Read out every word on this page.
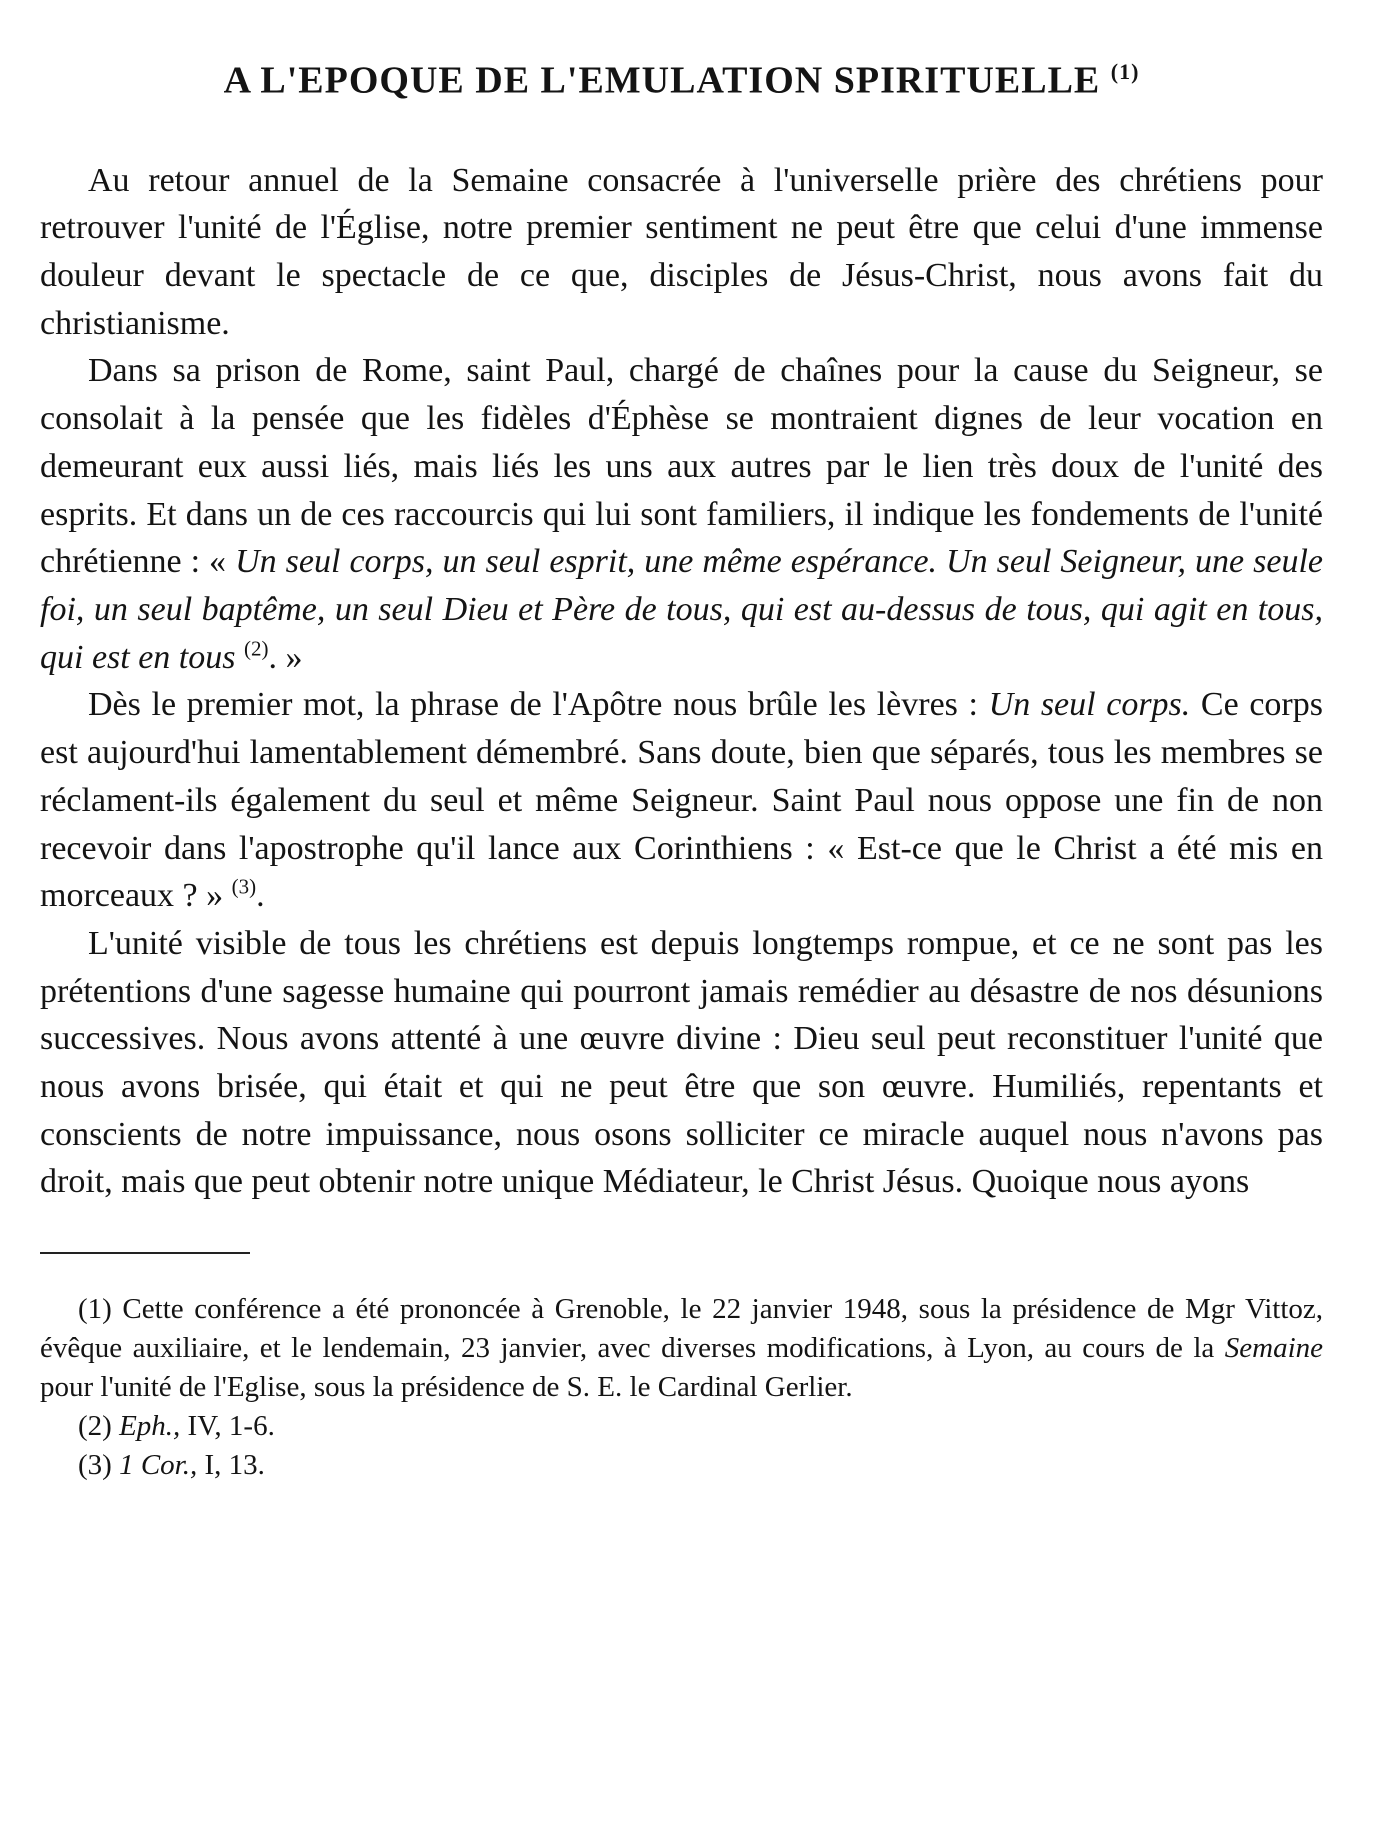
A L'EPOQUE DE L'EMULATION SPIRITUELLE $^{(1)}$

Au retour annuel de la Semaine consacrée à l'universelle prière des chrétiens pour retrouver l'unité de l'Église, notre premier sentiment ne peut être que celui d'une immense douleur devant le spectacle de ce que, disciples de Jésus-Christ, nous avons fait du christianisme.

Dans sa prison de Rome, saint Paul, chargé de chaînes pour la cause du Seigneur, se consolait à la pensée que les fidèles d'Éphèse se montraient dignes de leur vocation en demeurant eux aussi liés, mais liés les uns aux autres par le lien très doux de l'unité des esprits. Et dans un de ces raccourcis qui lui sont familiers, il indique les fondements de l'unité chrétienne : « Un seul corps, un seul esprit, une même espérance. Un seul Seigneur, une seule foi, un seul baptême, un seul Dieu et Père de tous, qui est au-dessus de tous, qui agit en tous, qui est en tous $^{(2)}$. »

Dès le premier mot, la phrase de l'Apôtre nous brûle les lèvres : Un seul corps. Ce corps est aujourd'hui lamentablement démembré. Sans doute, bien que séparés, tous les membres se réclament-ils également du seul et même Seigneur. Saint Paul nous oppose une fin de non recevoir dans l'apostrophe qu'il lance aux Corinthiens : « Est-ce que le Christ a été mis en morceaux ? » $^{(3)}$.

L'unité visible de tous les chrétiens est depuis longtemps rompue, et ce ne sont pas les prétentions d'une sagesse humaine qui pourront jamais remédier au désastre de nos désunions successives. Nous avons attenté à une œuvre divine : Dieu seul peut reconstituer l'unité que nous avons brisée, qui était et qui ne peut être que son œuvre. Humiliés, repentants et conscients de notre impuissance, nous osons solliciter ce miracle auquel nous n'avons pas droit, mais que peut obtenir notre unique Médiateur, le Christ Jésus. Quoique nous ayons

(1) Cette conférence a été prononcée à Grenoble, le 22 janvier 1948, sous la présidence de Mgr Vittoz, évêque auxiliaire, et le lendemain, 23 janvier, avec diverses modifications, à Lyon, au cours de la Semaine pour l'unité de l'Eglise, sous la présidence de S. E. le Cardinal Gerlier.

(2) Eph., IV, 1-6.

(3) 1 Cor., I, 13.
